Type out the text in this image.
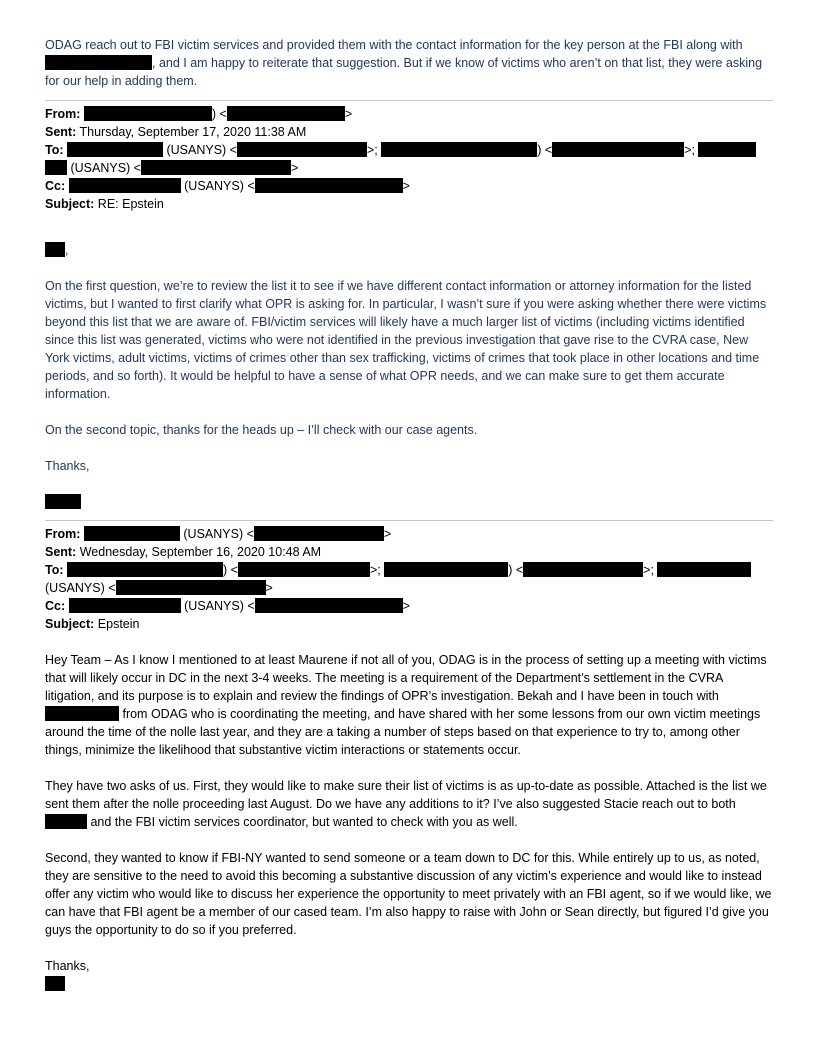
ODAG reach out to FBI victim services and provided them with the contact information for the key person at the FBI along with , and I am happy to reiterate that suggestion. But if we know of victims who aren’t on that list, they were asking for our help in adding them.

From:	) <	>

Sent: Thursday, September 17, 2020 11:38 AM

To:	(USANYS) <	>;	) <	>;
(USANYS) <	>

Cc:	(USANYS) <	>

Subject: RE: Epstein

,

On the first question, we’re to review the list it to see if we have different contact information or attorney information for the listed victims, but I wanted to first clarify what OPR is asking for. In particular, I wasn’t sure if you were asking whether there were victims beyond this list that we are aware of. FBI/victim services will likely have a much larger list of victims (including victims identified since this list was generated, victims who were not identified in the previous investigation that gave rise to the CVRA case, New York victims, adult victims, victims of crimes other than sex trafficking, victims of crimes that took place in other locations and time periods, and so forth). It would be helpful to have a sense of what OPR needs, and we can make sure to get them accurate information.

On the second topic, thanks for the heads up – I’ll check with our case agents.

Thanks,

From:	(USANYS) <	>

Sent: Wednesday, September 16, 2020 10:48 AM

To:	) <	>;	) <	>;
(USANYS) <	>

Cc:	(USANYS) <	>

Subject: Epstein

Hey Team – As I know I mentioned to at least Maurene if not all of you, ODAG is in the process of setting up a meeting with victims that will likely occur in DC in the next 3-4 weeks. The meeting is a requirement of the Department’s settlement in the CVRA litigation, and its purpose is to explain and review the findings of OPR’s investigation. Bekah and I have been in touch with  from ODAG who is coordinating the meeting, and have shared with her some lessons from our own victim meetings around the time of the nolle last year, and they are a taking a number of steps based on that experience to try to, among other things, minimize the likelihood that substantive victim interactions or statements occur.

They have two asks of us. First, they would like to make sure their list of victims is as up-to-date as possible. Attached is the list we sent them after the nolle proceeding last August. Do we have any additions to it? I’ve also suggested Stacie reach out to both  and the FBI victim services coordinator, but wanted to check with you as well.

Second, they wanted to know if FBI-NY wanted to send someone or a team down to DC for this. While entirely up to us, as noted, they are sensitive to the need to avoid this becoming a substantive discussion of any victim’s experience and would like to instead offer any victim who would like to discuss her experience the opportunity to meet privately with an FBI agent, so if we would like, we can have that FBI agent be a member of our cased team. I’m also happy to raise with John or Sean directly, but figured I’d give you guys the opportunity to do so if you preferred.

Thanks,
